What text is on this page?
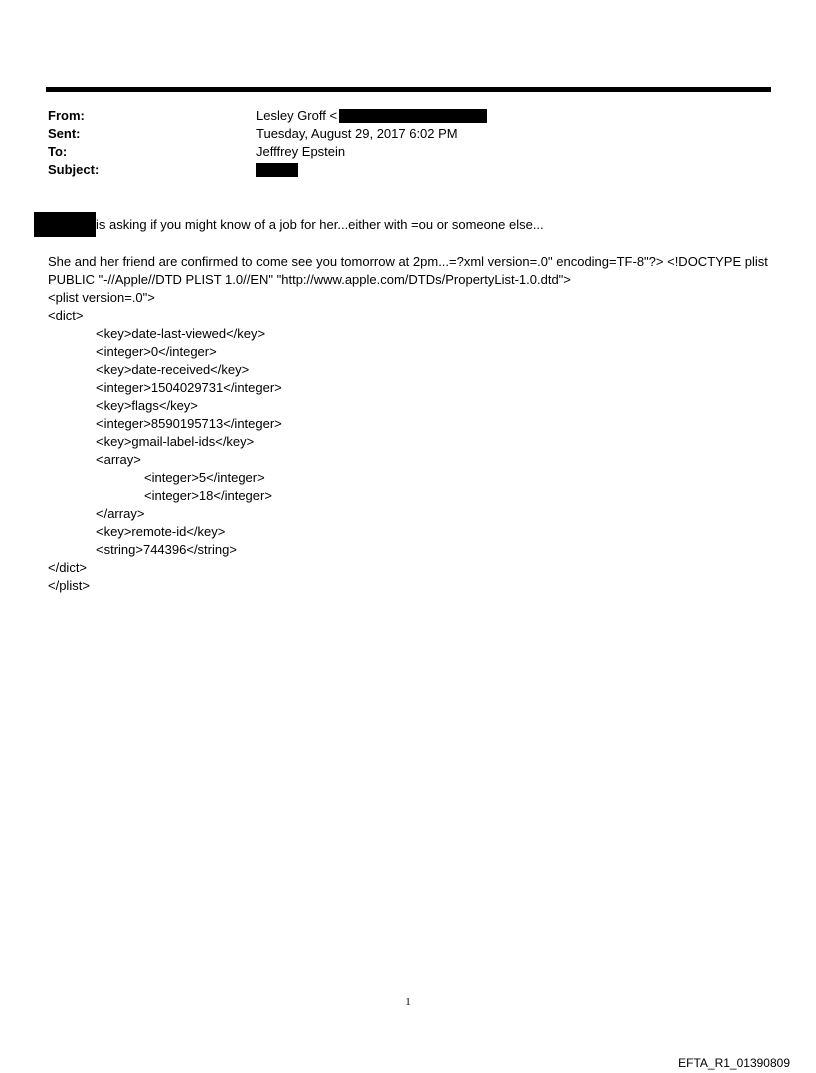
From:	Lesley Groff <
Sent:	Tuesday, August 29, 2017 6:02 PM
To:	Jefffrey Epstein
Subject:
is asking if you might know of a job for her...either with =ou or someone else...

She and her friend are confirmed to come see you tomorrow at 2pm...=?xml version=.0" encoding=TF-8"?> <!DOCTYPE plist PUBLIC "-//Apple//DTD PLIST 1.0//EN" "http://www.apple.com/DTDs/PropertyList-1.0.dtd">

<plist version=.0">
<dict>
<key>date-last-viewed</key>
<integer>0</integer>
<key>date-received</key>
<integer>1504029731</integer>
<key>flags</key>
<integer>8590195713</integer>
<key>gmail-label-ids</key>
<array>
<integer>5</integer>
<integer>18</integer>
</array>
<key>remote-id</key>
<string>744396</string>
</dict>
</plist>
1
EFTA_R1_01390809
